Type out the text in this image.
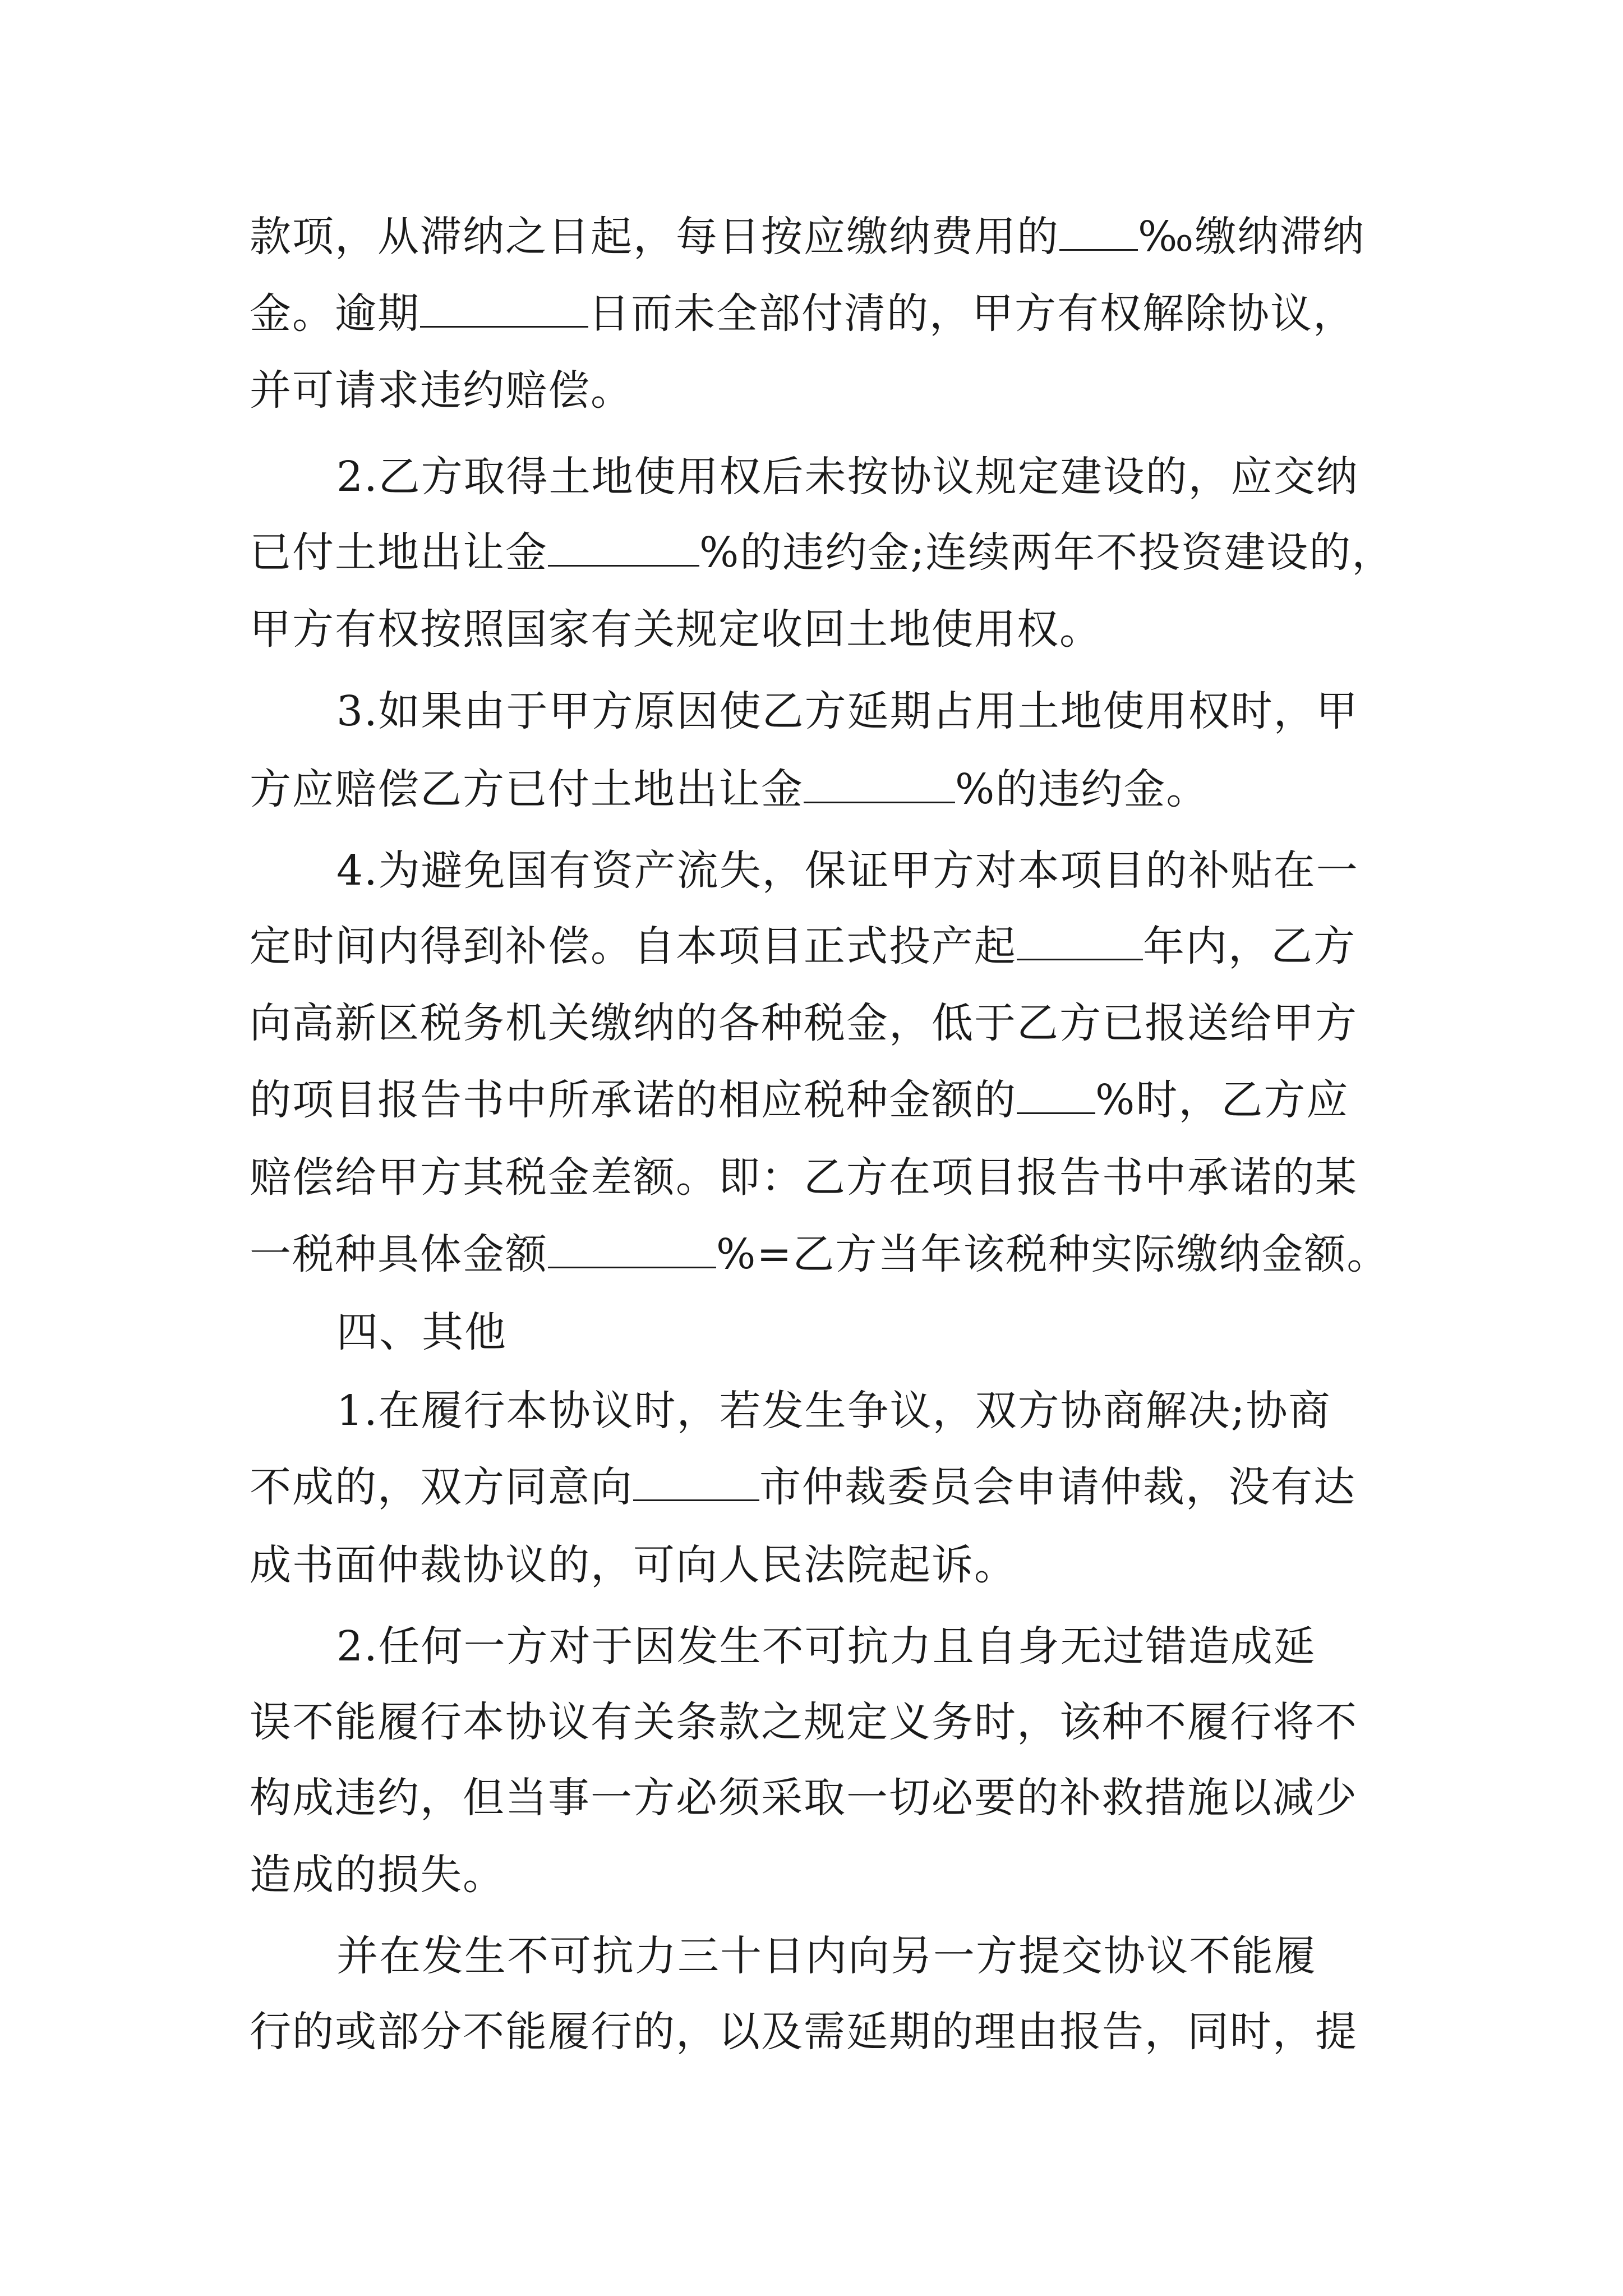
款项，从滞纳之日起，每日按应缴纳费用的 ‰缴纳滞纳
金。逾期	日而未全部付清的，甲方有权解除协议，
并可请求违约赔偿。
2.乙方取得土地使用权后未按协议规定建设的，应交纳
已付土地出让金	%的违约金;连续两年不投资建设的，
甲方有权按照国家有关规定收回土地使用权。
3.如果由于甲方原因使乙方延期占用土地使用权时，甲
方应赔偿乙方已付土地出让金	%的违约金。
4.为避免国有资产流失，保证甲方对本项目的补贴在一
定时间内得到补偿。自本项目正式投产起	年内，乙方
向高新区税务机关缴纳的各种税金，低于乙方已报送给甲方
的项目报告书中所承诺的相应税种金额的 %时，乙方应
赔偿给甲方其税金差额。即：乙方在项目报告书中承诺的某
一税种具体金额	%=乙方当年该税种实际缴纳金额。
四、其他
1.在履行本协议时，若发生争议，双方协商解决;协商
不成的，双方同意向	市仲裁委员会申请仲裁，没有达
成书面仲裁协议的，可向人民法院起诉。
2.任何一方对于因发生不可抗力且自身无过错造成延
误不能履行本协议有关条款之规定义务时，该种不履行将不
构成违约，但当事一方必须采取一切必要的补救措施以减少
造成的损失。
并在发生不可抗力三十日内向另一方提交协议不能履
行的或部分不能履行的，以及需延期的理由报告，同时，提
